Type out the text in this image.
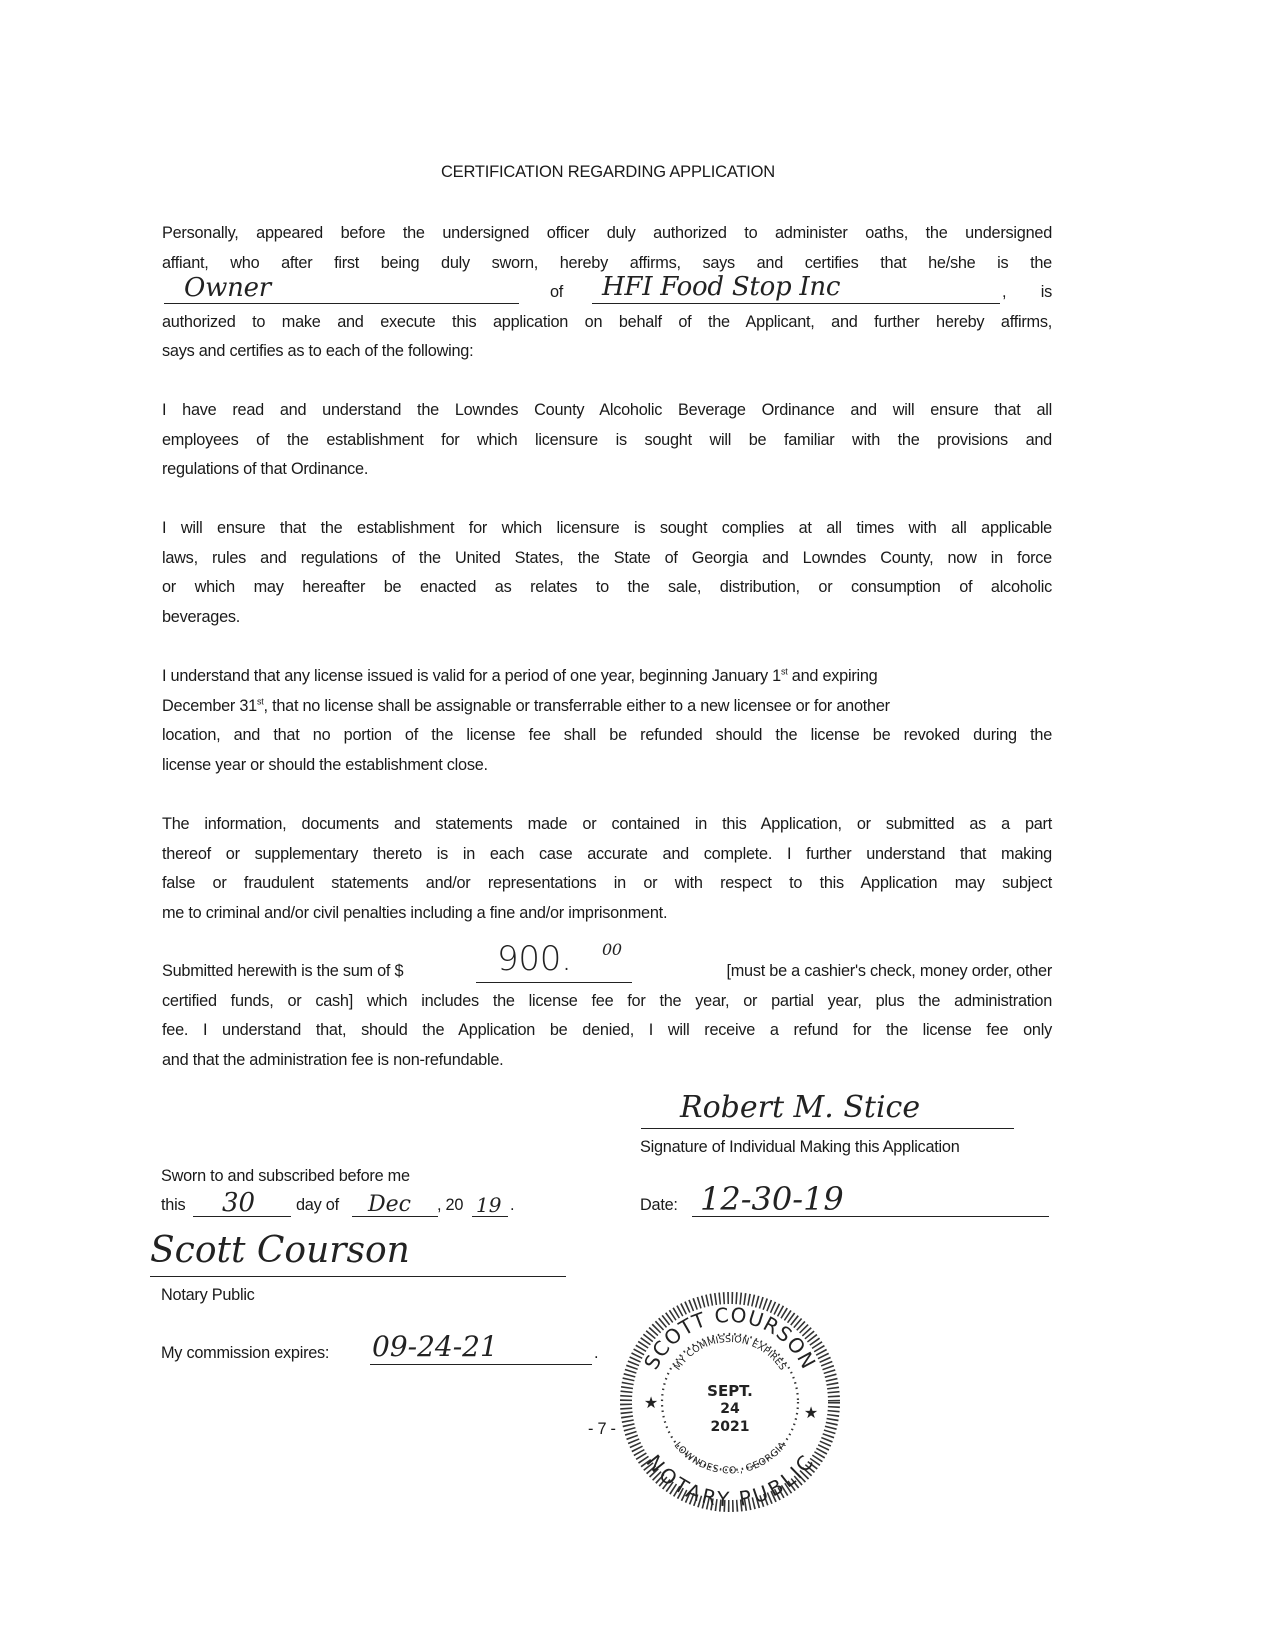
CERTIFICATION REGARDING APPLICATION
Personally, appeared before the undersigned officer duly authorized to administer oaths, the undersigned
affiant, who after first being duly sworn, hereby affirms, says and certifies that he/she is the
Owner	of HFI Food Stop Inc	, is
authorized to make and execute this application on behalf of the Applicant, and further hereby affirms,
says and certifies as to each of the following:
I have read and understand the Lowndes County Alcoholic Beverage Ordinance and will ensure that all
employees of the establishment for which licensure is sought will be familiar with the provisions and
regulations of that Ordinance.
I will ensure that the establishment for which licensure is sought complies at all times with all applicable
laws, rules and regulations of the United States, the State of Georgia and Lowndes County, now in force
or which may hereafter be enacted as relates to the sale, distribution, or consumption of alcoholic
beverages.
I understand that any license issued is valid for a period of one year, beginning January 1st and expiring
December 31st, that no license shall be assignable or transferrable either to a new licensee or for another
location, and that no portion of the license fee shall be refunded should the license be revoked during the
license year or should the establishment close.
The information, documents and statements made or contained in this Application, or submitted as a part
thereof or supplementary thereto is in each case accurate and complete. I further understand that making
false or fraudulent statements and/or representations in or with respect to this Application may subject
me to criminal and/or civil penalties including a fine and/or imprisonment.
Submitted herewith is the sum of $	900. 00
[must be a cashier's check, money order, other
certified funds, or cash] which includes the license fee for the year, or partial year, plus the administration
fee. I understand that, should the Application be denied, I will receive a refund for the license fee only
and that the administration fee is non-refundable.
Robert M. Stice
Signature of Individual Making this Application
Date: 12-30-19
Sworn to and subscribed before me
this 30	day of Dec , 20 19 .
Scott Courson
Notary Public
My commission expires: 09-24-21	.
- 7 -
SCOTT COURSON
MY COMMISSION EXPIRES
LOWNDES CO., GEORGIA
NOTARY PUBLIC
SEPT.
24
2021
★
★
